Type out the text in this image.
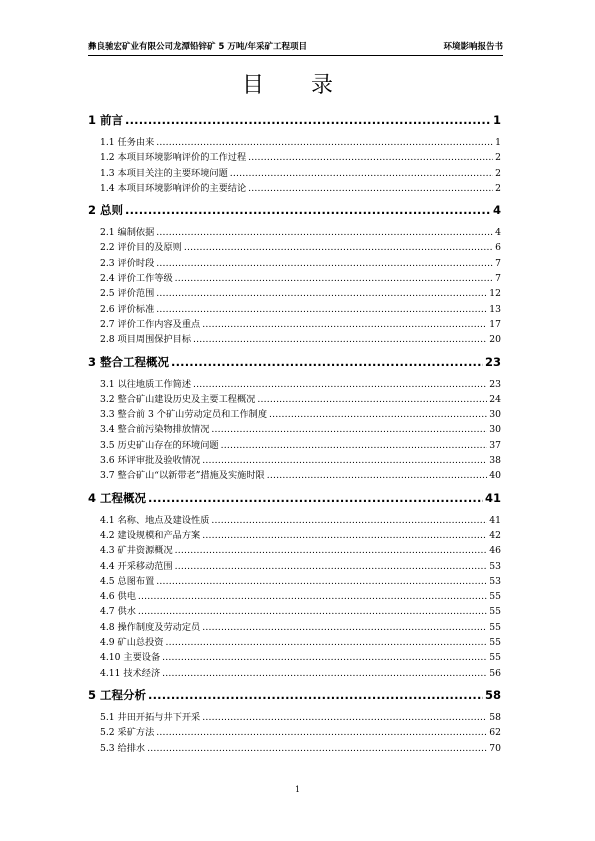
彝良驰宏矿业有限公司龙潭铅锌矿 5 万吨/年采矿工程项目	环境影响报告书
目 录
1 前言 .....	1
1.1 任务由来 .....	1
1.2 本项目环境影响评价的工作过程 .....	2
1.3 本项目关注的主要环境问题 .....	2
1.4 本项目环境影响评价的主要结论 .....	2
2 总则 .....	4
2.1 编制依据 .....	4
2.2 评价目的及原则 .....	6
2.3 评价时段 .....	7
2.4 评价工作等级 .....	7
2.5 评价范围 .....	12
2.6 评价标准 .....	13
2.7 评价工作内容及重点 .....	17
2.8 项目周围保护目标 .....	20
3 整合工程概况 .....	23
3.1 以往地质工作简述 .....	23
3.2 整合矿山建设历史及主要工程概况 .....	24
3.3 整合前 3 个矿山劳动定员和工作制度 .....	30
3.4 整合前污染物排放情况 .....	30
3.5 历史矿山存在的环境问题 .....	37
3.6 环评审批及验收情况 .....	38
3.7 整合矿山“以新带老”措施及实施时限 .....	40
4 工程概况 .....	41
4.1 名称、地点及建设性质 .....	41
4.2 建设规模和产品方案 .....	42
4.3 矿井资源概况 .....	46
4.4 开采移动范围 .....	53
4.5 总图布置 .....	53
4.6 供电 .....	55
4.7 供水 .....	55
4.8 操作制度及劳动定员 .....	55
4.9 矿山总投资 .....	55
4.10 主要设备 .....	55
4.11 技术经济 .....	56
5 工程分析 .....	58
5.1 井田开拓与井下开采 .....	58
5.2 采矿方法 .....	62
5.3 给排水 .....	70
1
